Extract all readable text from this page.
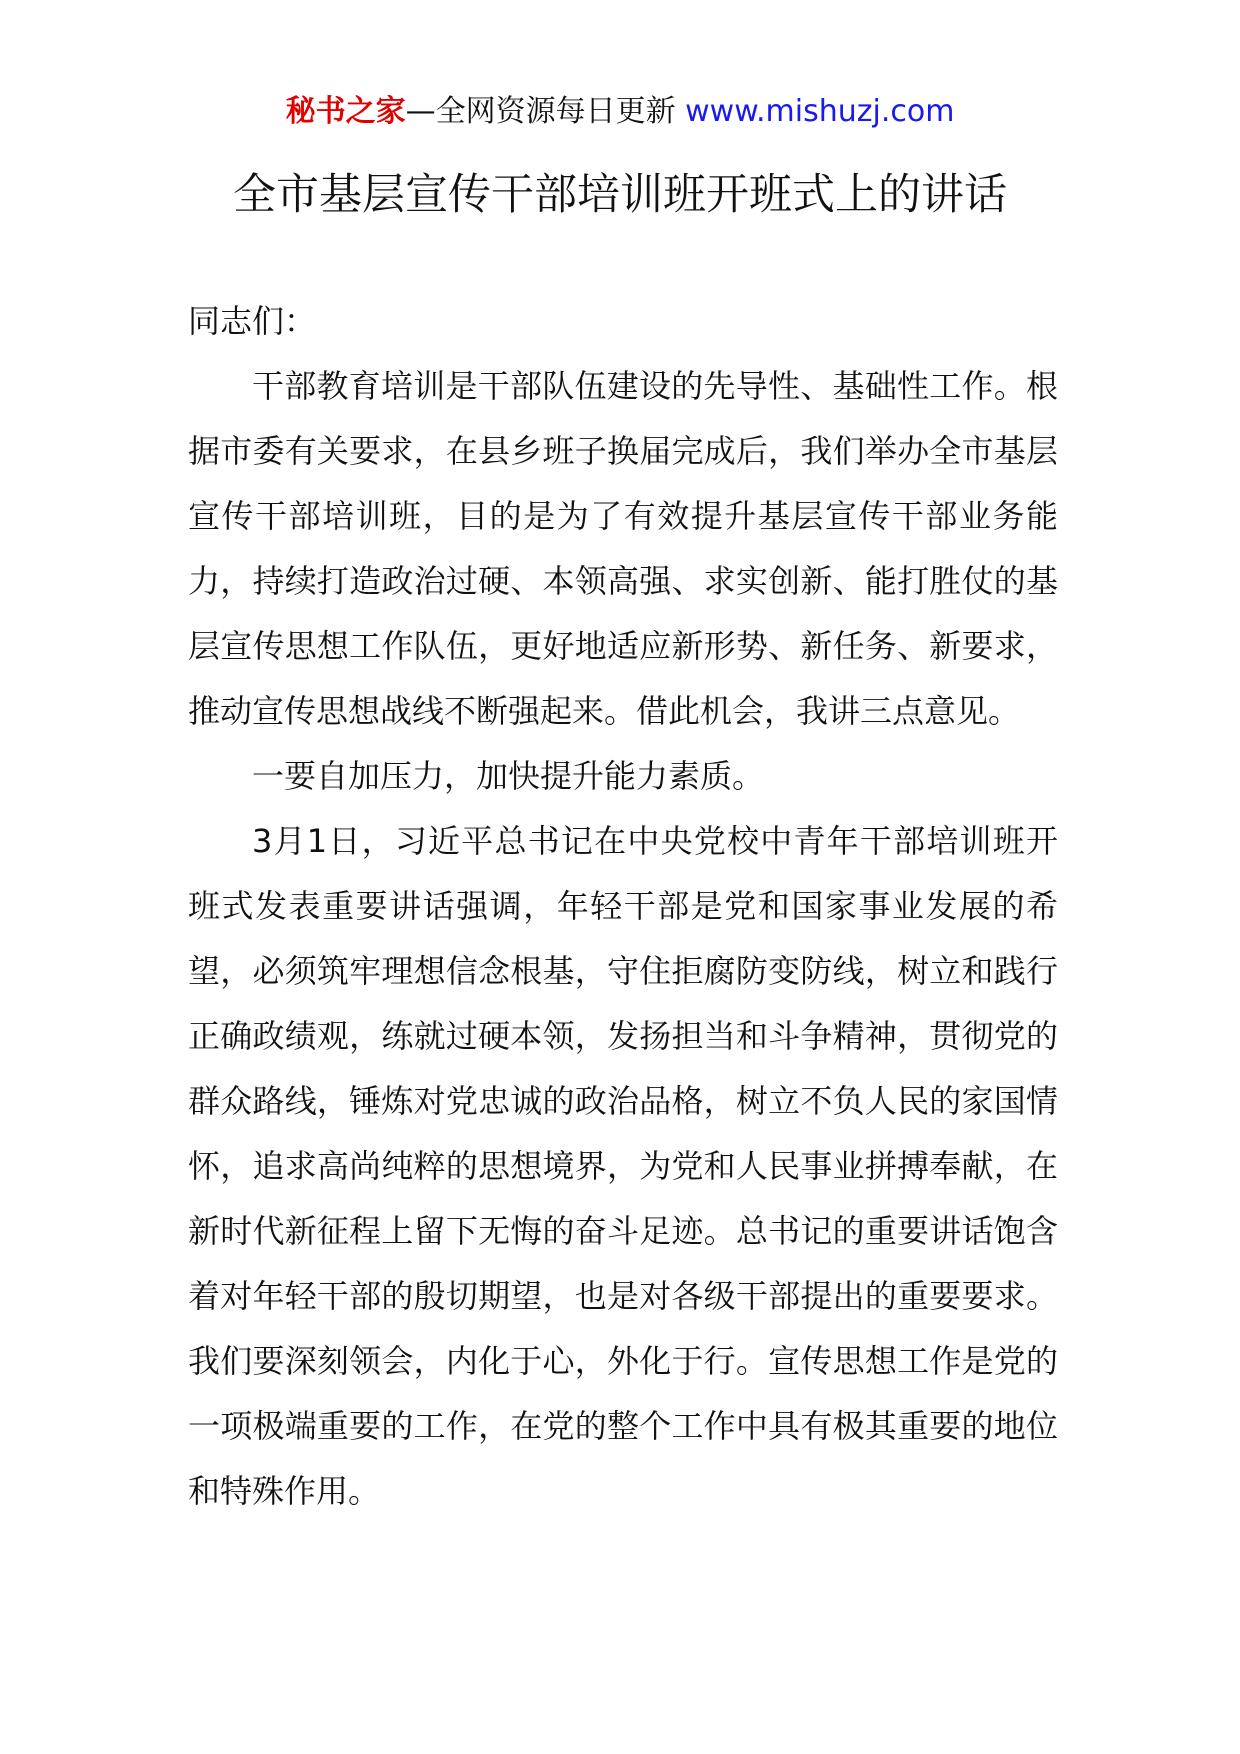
秘书之家—全网资源每日更新 www.mishuzj.com
全市基层宣传干部培训班开班式上的讲话

同志们：

干部教育培训是干部队伍建设的先导性、基础性工作。根据市委有关要求，在县乡班子换届完成后，我们举办全市基层宣传干部培训班，目的是为了有效提升基层宣传干部业务能力，持续打造政治过硬、本领高强、求实创新、能打胜仗的基层宣传思想工作队伍，更好地适应新形势、新任务、新要求，推动宣传思想战线不断强起来。借此机会，我讲三点意见。

一要自加压力，加快提升能力素质。

3月1日，习近平总书记在中央党校中青年干部培训班开班式发表重要讲话强调，年轻干部是党和国家事业发展的希望，必须筑牢理想信念根基，守住拒腐防变防线，树立和践行正确政绩观，练就过硬本领，发扬担当和斗争精神，贯彻党的群众路线，锤炼对党忠诚的政治品格，树立不负人民的家国情怀，追求高尚纯粹的思想境界，为党和人民事业拼搏奉献，在新时代新征程上留下无悔的奋斗足迹。总书记的重要讲话饱含着对年轻干部的殷切期望，也是对各级干部提出的重要要求。我们要深刻领会，内化于心，外化于行。宣传思想工作是党的一项极端重要的工作，在党的整个工作中具有极其重要的地位和特殊作用。
